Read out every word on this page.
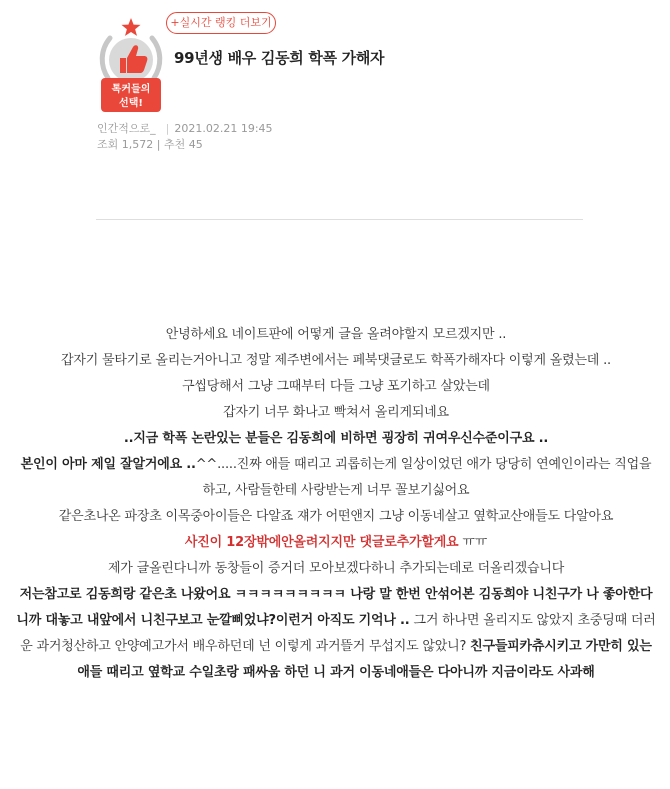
톡커들의
선택!
+실시간 랭킹 더보기
99년생 배우 김동희 학폭 가해자
인간적으로_ | 2021.02.21 19:45
조회 1,572 | 추천 45

안녕하세요 네이트판에 어떻게 글을 올려야할지 모르겠지만 ..

갑자기 물타기로 올리는거아니고 정말 제주변에서는 페북댓글로도 학폭가해자다 이렇게 올렸는데 ..

구씹당해서 그냥 그때부터 다들 그냥 포기하고 살았는데

갑자기 너무 화나고 빡쳐서 올리게되네요

..지금 학폭 논란있는 분들은 김동희에 비하면 굉장히 귀여우신수준이구요 ..

본인이 아마 제일 잘알거에요 ..^^.....진짜 애들 때리고 괴롭히는게 일상이었던 애가 당당히 연예인이라는 직업을하고, 사람들한테 사랑받는게 너무 꼴보기싫어요

같은초나온 파장초 이목중아이들은 다알죠 쟤가 어떤앤지 그냥 이동네살고 옆학교산애들도 다알아요

사진이 12장밖에안올려지지만 댓글로추가할게요 ㅠㅠ

제가 글올린다니까 동창들이 증거더 모아보겠다하니 추가되는데로 더올리겠습니다

저는참고로 김동희랑 같은초 나왔어요 ㅋㅋㅋㅋㅋㅋㅋㅋㅋ 나랑 말 한번 안섞어본 김동희야 니친구가 나 좋아한다니까 대놓고 내앞에서 니친구보고 눈깔삐었냐?이런거 아직도 기억나 .. 그거 하나면 올리지도 않았지 초중딩때 더러운 과거청산하고 안양예고가서 배우하던데 넌 이렇게 과거뜰거 무섭지도 않았니? 친구들피카츄시키고 가만히 있는애들 때리고 옆학교 수일초랑 패싸움 하던 니 과거 이동네애들은 다아니까 지금이라도 사과해
